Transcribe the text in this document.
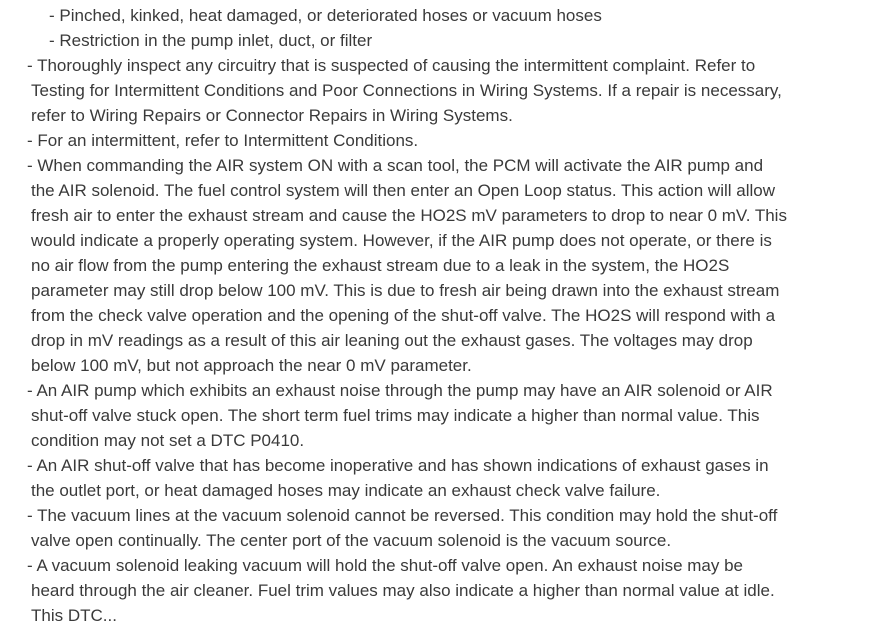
- Pinched, kinked, heat damaged, or deteriorated hoses or vacuum hoses
- Restriction in the pump inlet, duct, or filter
- Thoroughly inspect any circuitry that is suspected of causing the intermittent complaint. Refer to
Testing for Intermittent Conditions and Poor Connections in Wiring Systems. If a repair is necessary,
refer to Wiring Repairs or Connector Repairs in Wiring Systems.
- For an intermittent, refer to Intermittent Conditions.
- When commanding the AIR system ON with a scan tool, the PCM will activate the AIR pump and
the AIR solenoid. The fuel control system will then enter an Open Loop status. This action will allow
fresh air to enter the exhaust stream and cause the HO2S mV parameters to drop to near 0 mV. This
would indicate a properly operating system. However, if the AIR pump does not operate, or there is
no air flow from the pump entering the exhaust stream due to a leak in the system, the HO2S
parameter may still drop below 100 mV. This is due to fresh air being drawn into the exhaust stream
from the check valve operation and the opening of the shut-off valve. The HO2S will respond with a
drop in mV readings as a result of this air leaning out the exhaust gases. The voltages may drop
below 100 mV, but not approach the near 0 mV parameter.
- An AIR pump which exhibits an exhaust noise through the pump may have an AIR solenoid or AIR
shut-off valve stuck open. The short term fuel trims may indicate a higher than normal value. This
condition may not set a DTC P0410.
- An AIR shut-off valve that has become inoperative and has shown indications of exhaust gases in
the outlet port, or heat damaged hoses may indicate an exhaust check valve failure.
- The vacuum lines at the vacuum solenoid cannot be reversed. This condition may hold the shut-off
valve open continually. The center port of the vacuum solenoid is the vacuum source.
- A vacuum solenoid leaking vacuum will hold the shut-off valve open. An exhaust noise may be
heard through the air cleaner. Fuel trim values may also indicate a higher than normal value at idle.
This DTC...
